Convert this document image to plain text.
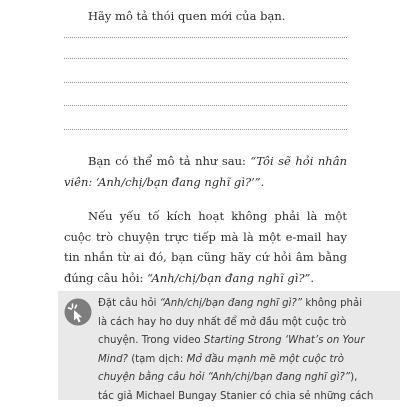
Hãy mô tả thói quen mới của bạn.

Bạn có thể mô tả như sau: “Tôi sẽ hỏi nhân viên: ‘Anh/chị/bạn đang nghĩ gì?’”.

Nếu yếu tố kích hoạt không phải là một cuộc trò chuyện trực tiếp mà là một e-mail hay tin nhắn từ ai đó, bạn cũng hãy cứ hỏi âm bằng đúng câu hỏi: “Anh/chị/bạn đang nghĩ gì?”.

Đặt câu hỏi “Anh/chị/bạn đang nghĩ gì?” không phải
là cách hay ho duy nhất để mở đầu một cuộc trò
chuyện. Trong video Starting Strong ‘What’s on Your
Mind? (tạm dịch: Mở đầu mạnh mẽ một cuộc trò
chuyện bằng câu hỏi “Anh/chị/bạn đang nghĩ gì?”),
tác giả Michael Bungay Stanier có chia sẻ những cách
